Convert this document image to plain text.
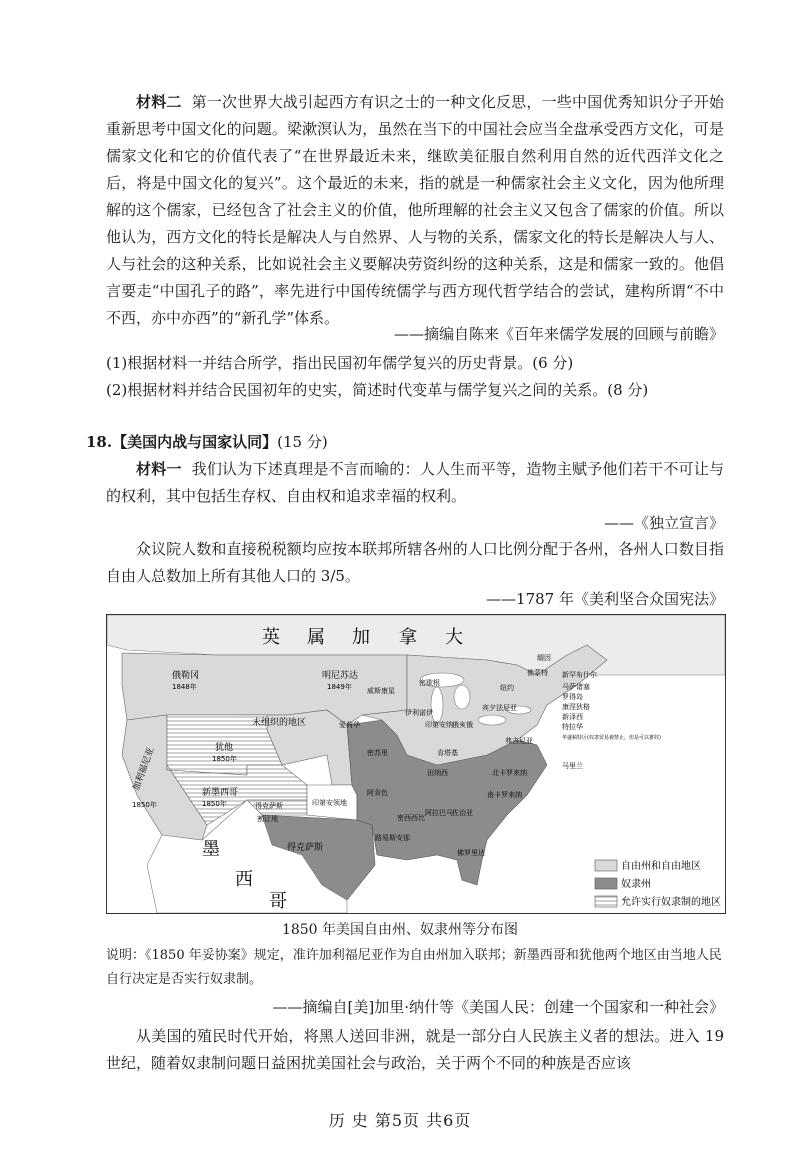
材料二 第一次世界大战引起西方有识之士的一种文化反思，一些中国优秀知识分子开始重新思考中国文化的问题。梁漱溟认为，虽然在当下的中国社会应当全盘承受西方文化，可是儒家文化和它的价值代表了“在世界最近未来，继欧美征服自然利用自然的近代西洋文化之后，将是中国文化的复兴”。这个最近的未来，指的就是一种儒家社会主义文化，因为他所理解的这个儒家，已经包含了社会主义的价值，他所理解的社会主义又包含了儒家的价值。所以他认为，西方文化的特长是解决人与自然界、人与物的关系，儒家文化的特长是解决人与人、人与社会的这种关系，比如说社会主义要解决劳资纠纷的这种关系，这是和儒家一致的。他倡言要走“中国孔子的路”，率先进行中国传统儒学与西方现代哲学结合的尝试，建构所谓“不中不西，亦中亦西”的“新孔学”体系。
——摘编自陈来《百年来儒学发展的回顾与前瞻》
(1)根据材料一并结合所学，指出民国初年儒学复兴的历史背景。(6 分)
(2)根据材料并结合民国初年的史实，简述时代变革与儒学复兴之间的关系。(8 分)
18.【美国内战与国家认同】(15 分)
材料一 我们认为下述真理是不言而喻的：人人生而平等，造物主赋予他们若干不可让与的权利，其中包括生存权、自由权和追求幸福的权利。
——《独立宣言》
众议院人数和直接税税额均应按本联邦所辖各州的人口比例分配于各州，各州人口数目指自由人总数加上所有其他人口的 3/5。
——1787 年《美利坚合众国宪法》
英 属 加 拿 大
墨
西
哥
俄勒冈
1848年
明尼苏达
1849年
未组织的地区
加利福尼亚
1850年
犹他
1850年
新墨西哥
1850年	得克萨斯
割让地
印第安领地
得克萨斯
威斯康星
爱荷华
伊利诺伊
印第安纳 俄亥俄
密歇根
宾夕法尼亚
纽约
缅因
新罕布什尔
佛蒙特
马萨诸塞
罗得岛
康涅狄格
新泽西
特拉华
马里兰
弗吉尼亚	华盛顿特区(奴隶贸易被禁止，但是可以蓄奴)
密苏里	肯塔基
田纳西	北卡罗来纳
南卡罗来纳
阿肯色
密西西比
阿拉巴马 佐治亚
路易斯安那
佛罗里达
自由州和自由地区
奴隶州
允许实行奴隶制的地区
1850 年美国自由州、奴隶州等分布图
说明：《1850 年妥协案》规定，准许加利福尼亚作为自由州加入联邦；新墨西哥和犹他两个地区由当地人民自行决定是否实行奴隶制。
——摘编自[美]加里·纳什等《美国人民：创建一个国家和一种社会》
从美国的殖民时代开始，将黑人送回非洲，就是一部分白人民族主义者的想法。进入 19 世纪，随着奴隶制问题日益困扰美国社会与政治，关于两个不同的种族是否应该
历 史 第5页 共6页
